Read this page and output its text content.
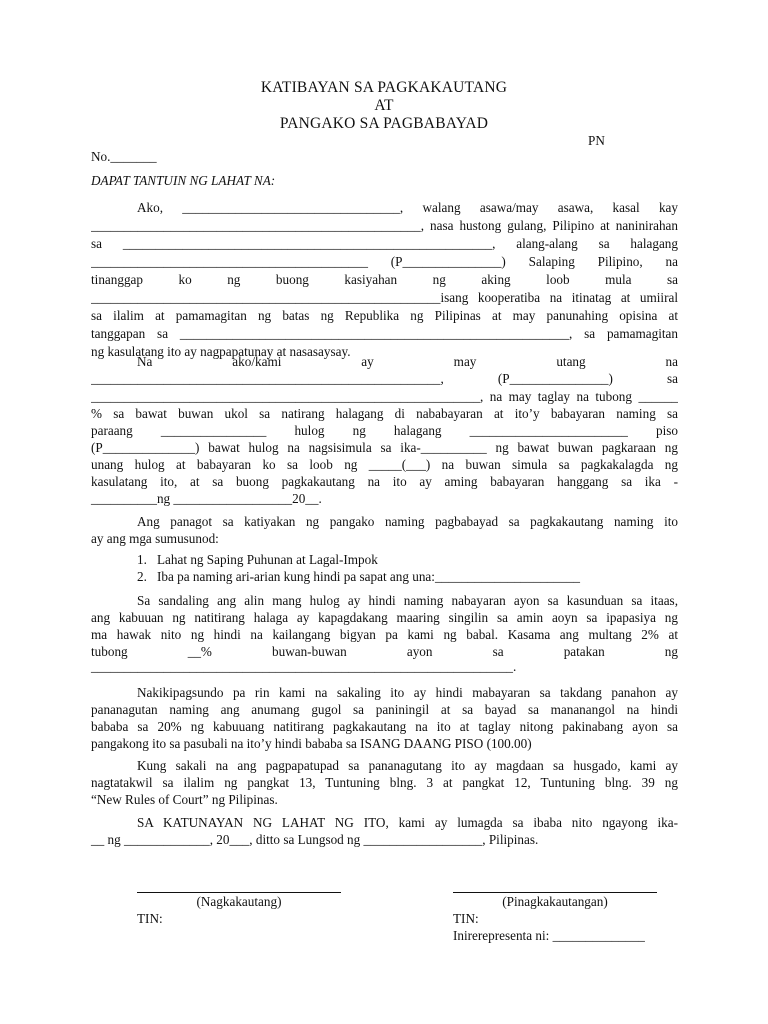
KATIBAYAN SA PAGKAKAUTANG
AT
PANGAKO SA PAGBABAYAD
PN
No._______
DAPAT TANTUIN NG LAHAT NA:
Ako, _________________________________, walang asawa/may asawa, kasal kay
__________________________________________________, nasa hustong gulang, Pilipino at naninirahan
sa ________________________________________________________, alang-alang sa halagang
__________________________________________ (P_______________) Salaping Pilipino, na
tinanggap ko ng buong kasiyahan ng aking loob mula sa
_____________________________________________________isang kooperatiba na itinatag at umiiral
sa ilalim at pamamagitan ng batas ng Republika ng Pilipinas at may panunahing opisina at
tanggapan sa ___________________________________________________________, sa pamamagitan
ng kasulatang ito ay nagpapatunay at nasasaysay.
Na ako/kami ay may utang na
_____________________________________________________, (P_______________) sa
___________________________________________________________, na may taglay na tubong ______
% sa bawat buwan ukol sa natirang halagang di nababayaran at ito’y babayaran naming sa
paraang ________________ hulog ng halagang ________________________ piso
(P______________) bawat hulog na nagsisimula sa ika-__________ ng bawat buwan pagkaraan ng
unang hulog at babayaran ko sa loob ng _____(___) na buwan simula sa pagkakalagda ng
kasulatang ito, at sa buong pagkakautang na ito ay aming babayaran hanggang sa ika -
__________ng __________________20__.
Ang panagot sa katiyakan ng pangako naming pagbabayad sa pagkakautang naming ito
ay ang mga sumusunod:
1. Lahat ng Saping Puhunan at Lagal-Impok
2. Iba pa naming ari-arian kung hindi pa sapat ang una:______________________
Sa sandaling ang alin mang hulog ay hindi naming nabayaran ayon sa kasunduan sa itaas,
ang kabuuan ng natitirang halaga ay kapagdakang maaring singilin sa amin aoyn sa ipapasiya ng
ma hawak nito ng hindi na kailangang bigyan pa kami ng babal. Kasama ang multang 2% at
tubong __% buwan-buwan ayon sa patakan ng
________________________________________________________________.
Nakikipagsundo pa rin kami na sakaling ito ay hindi mabayaran sa takdang panahon ay
pananagutan naming ang anumang gugol sa paniningil at sa bayad sa mananangol na hindi
bababa sa 20% ng kabuuang natitirang pagkakautang na ito at taglay nitong pakinabang ayon sa
pangakong ito sa pasubali na ito’y hindi bababa sa ISANG DAANG PISO (100.00)
Kung sakali na ang pagpapatupad sa pananagutang ito ay magdaan sa husgado, kami ay
nagtatakwil sa ilalim ng pangkat 13, Tuntuning blng. 3 at pangkat 12, Tuntuning blng. 39 ng
“New Rules of Court” ng Pilipinas.
SA KATUNAYAN NG LAHAT NG ITO, kami ay lumagda sa ibaba nito ngayong ika-
__ ng _____________, 20___, ditto sa Lungsod ng __________________, Pilipinas.
(Nagkakautang)
TIN:
(Pinagkakautangan)
TIN:
Inirerepresenta ni: ______________
